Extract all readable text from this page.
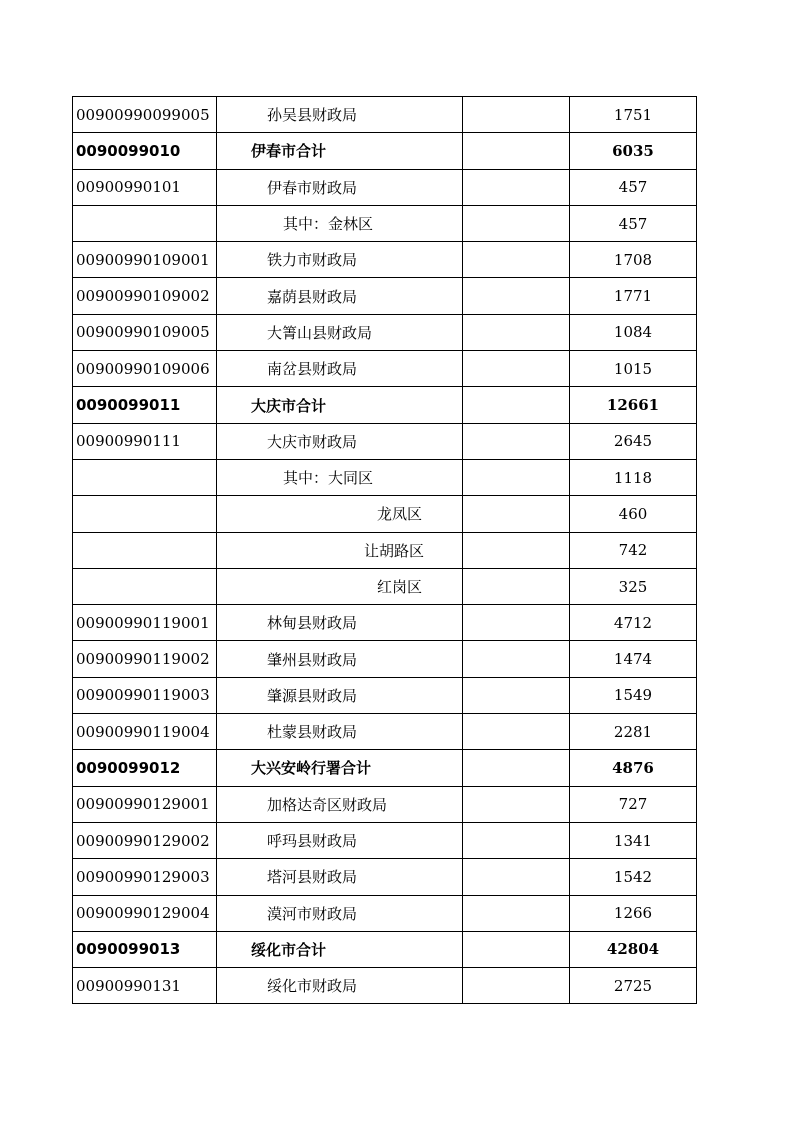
00900990099005	孙吴县财政局		1751
0090099010	伊春市合计		6035
00900990101	伊春市财政局		457
	其中：金林区		457
00900990109001	铁力市财政局		1708
00900990109002	嘉荫县财政局		1771
00900990109005	大箐山县财政局		1084
00900990109006	南岔县财政局		1015
0090099011	大庆市合计		12661
00900990111	大庆市财政局		2645
	其中：大同区		1118
	龙凤区		460
	让胡路区		742
	红岗区		325
00900990119001	林甸县财政局		4712
00900990119002	肇州县财政局		1474
00900990119003	肇源县财政局		1549
00900990119004	杜蒙县财政局		2281
0090099012	大兴安岭行署合计		4876
00900990129001	加格达奇区财政局		727
00900990129002	呼玛县财政局		1341
00900990129003	塔河县财政局		1542
00900990129004	漠河市财政局		1266
0090099013	绥化市合计		42804
00900990131	绥化市财政局		2725
